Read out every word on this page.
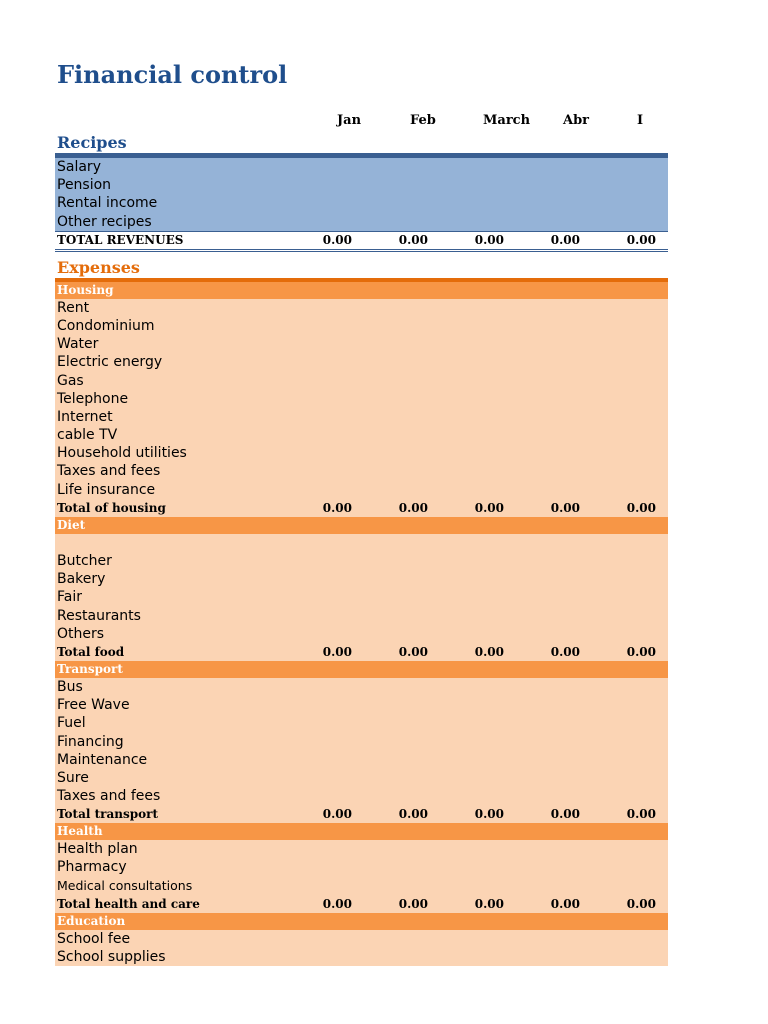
Financial control
Jan	Feb	March	Abr	I
Recipes
Salary
Pension
Rental income
Other recipes
TOTAL REVENUES	0.00	0.00	0.00	0.00	0.00
Expenses
Housing
Rent
Condominium
Water
Electric energy
Gas
Telephone
Internet
cable TV
Household utilities
Taxes and fees
Life insurance
Total of housing	0.00	0.00	0.00	0.00	0.00
Diet
Butcher
Bakery
Fair
Restaurants
Others
Total food	0.00	0.00	0.00	0.00	0.00
Transport
Bus
Free Wave
Fuel
Financing
Maintenance
Sure
Taxes and fees
Total transport	0.00	0.00	0.00	0.00	0.00
Health
Health plan
Pharmacy
Medical consultations
Total health and care	0.00	0.00	0.00	0.00	0.00
Education
School fee
School supplies
